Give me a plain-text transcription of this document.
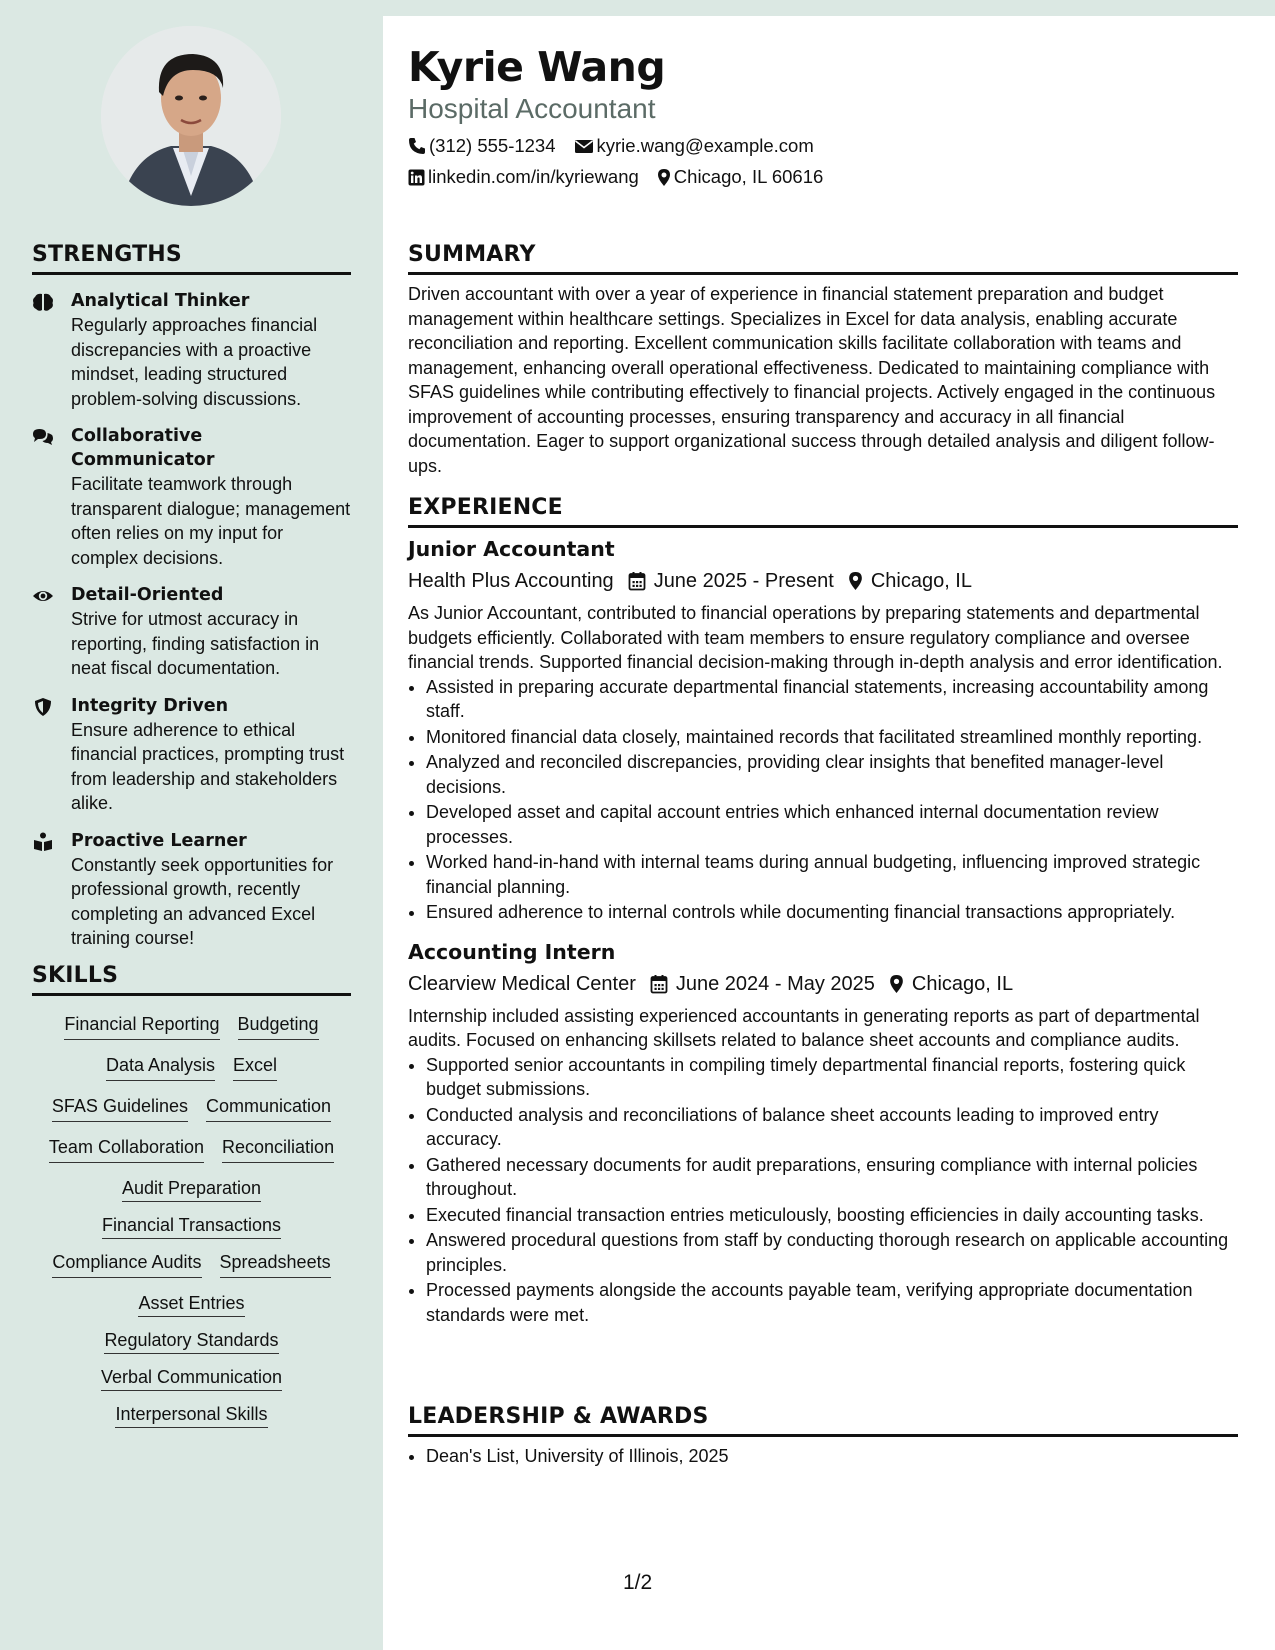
STRENGTHS
Analytical Thinker
Regularly approaches financial discrepancies with a proactive mindset, leading structured problem-solving discussions.
Collaborative Communicator
Facilitate teamwork through transparent dialogue; management often relies on my input for complex decisions.
Detail-Oriented
Strive for utmost accuracy in reporting, finding satisfaction in neat fiscal documentation.
Integrity Driven
Ensure adherence to ethical financial practices, prompting trust from leadership and stakeholders alike.
Proactive Learner
Constantly seek opportunities for professional growth, recently completing an advanced Excel training course!
SKILLS
Financial Reporting Budgeting
Data Analysis Excel
SFAS Guidelines Communication
Team Collaboration Reconciliation
Audit Preparation
Financial Transactions
Compliance Audits Spreadsheets
Asset Entries
Regulatory Standards
Verbal Communication
Interpersonal Skills
Kyrie Wang
Hospital Accountant
(312) 555-1234 kyrie.wang@example.com
linkedin.com/in/kyriewang Chicago, IL 60616
SUMMARY

Driven accountant with over a year of experience in financial statement preparation and budget management within healthcare settings. Specializes in Excel for data analysis, enabling accurate reconciliation and reporting. Excellent communication skills facilitate collaboration with teams and management, enhancing overall operational effectiveness. Dedicated to maintaining compliance with SFAS guidelines while contributing effectively to financial projects. Actively engaged in the continuous improvement of accounting processes, ensuring transparency and accuracy in all financial documentation. Eager to support organizational success through detailed analysis and diligent follow-ups.

EXPERIENCE
Junior Accountant
Health Plus Accounting June 2025 - Present Chicago, IL

As Junior Accountant, contributed to financial operations by preparing statements and departmental budgets efficiently. Collaborated with team members to ensure regulatory compliance and oversee financial trends. Supported financial decision-making through in-depth analysis and error identification.

• Assisted in preparing accurate departmental financial statements, increasing accountability among staff.
• Monitored financial data closely, maintained records that facilitated streamlined monthly reporting.
• Analyzed and reconciled discrepancies, providing clear insights that benefited manager-level decisions.
• Developed asset and capital account entries which enhanced internal documentation review processes.
• Worked hand-in-hand with internal teams during annual budgeting, influencing improved strategic financial planning.
• Ensured adherence to internal controls while documenting financial transactions appropriately.
Accounting Intern
Clearview Medical Center June 2024 - May 2025 Chicago, IL

Internship included assisting experienced accountants in generating reports as part of departmental audits. Focused on enhancing skillsets related to balance sheet accounts and compliance audits.

• Supported senior accountants in compiling timely departmental financial reports, fostering quick budget submissions.
• Conducted analysis and reconciliations of balance sheet accounts leading to improved entry accuracy.
• Gathered necessary documents for audit preparations, ensuring compliance with internal policies throughout.
• Executed financial transaction entries meticulously, boosting efficiencies in daily accounting tasks.
• Answered procedural questions from staff by conducting thorough research on applicable accounting principles.
• Processed payments alongside the accounts payable team, verifying appropriate documentation standards were met.
LEADERSHIP & AWARDS
• Dean's List, University of Illinois, 2025
1/2
